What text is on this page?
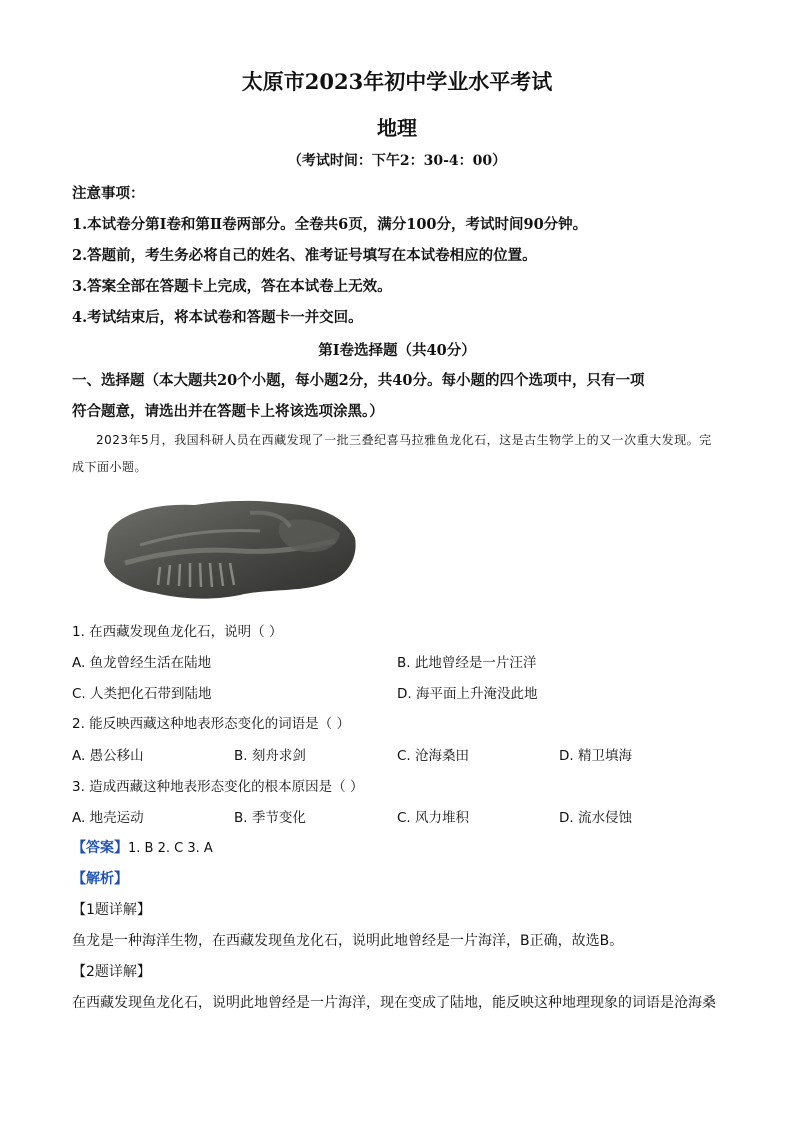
太原市2023年初中学业水平考试
地理
（考试时间：下午2：30-4：00）
注意事项：
1.本试卷分第Ⅰ卷和第Ⅱ卷两部分。全卷共6页，满分100分，考试时间90分钟。
2.答题前，考生务必将自己的姓名、准考证号填写在本试卷相应的位置。
3.答案全部在答题卡上完成，答在本试卷上无效。
4.考试结束后，将本试卷和答题卡一并交回。
第Ⅰ卷选择题（共40分）
一、选择题（本大题共20个小题，每小题2分，共40分。每小题的四个选项中，只有一项
符合题意，请选出并在答题卡上将该选项涂黑。）
2023年5月，我国科研人员在西藏发现了一批三叠纪喜马拉雅鱼龙化石，这是古生物学上的又一次重大发现。完成下面小题。
1. 在西藏发现鱼龙化石，说明（ ）
A. 鱼龙曾经生活在陆地	B. 此地曾经是一片汪洋
C. 人类把化石带到陆地	D. 海平面上升淹没此地
2. 能反映西藏这种地表形态变化的词语是（ ）
A. 愚公移山	B. 刻舟求剑	C. 沧海桑田	D. 精卫填海
3. 造成西藏这种地表形态变化的根本原因是（ ）
A. 地壳运动	B. 季节变化	C. 风力堆积	D. 流水侵蚀
【答案】1. B 2. C 3. A
【解析】
【1题详解】
鱼龙是一种海洋生物，在西藏发现鱼龙化石，说明此地曾经是一片海洋，B正确，故选B。
【2题详解】
在西藏发现鱼龙化石，说明此地曾经是一片海洋，现在变成了陆地，能反映这种地理现象的词语是沧海桑
